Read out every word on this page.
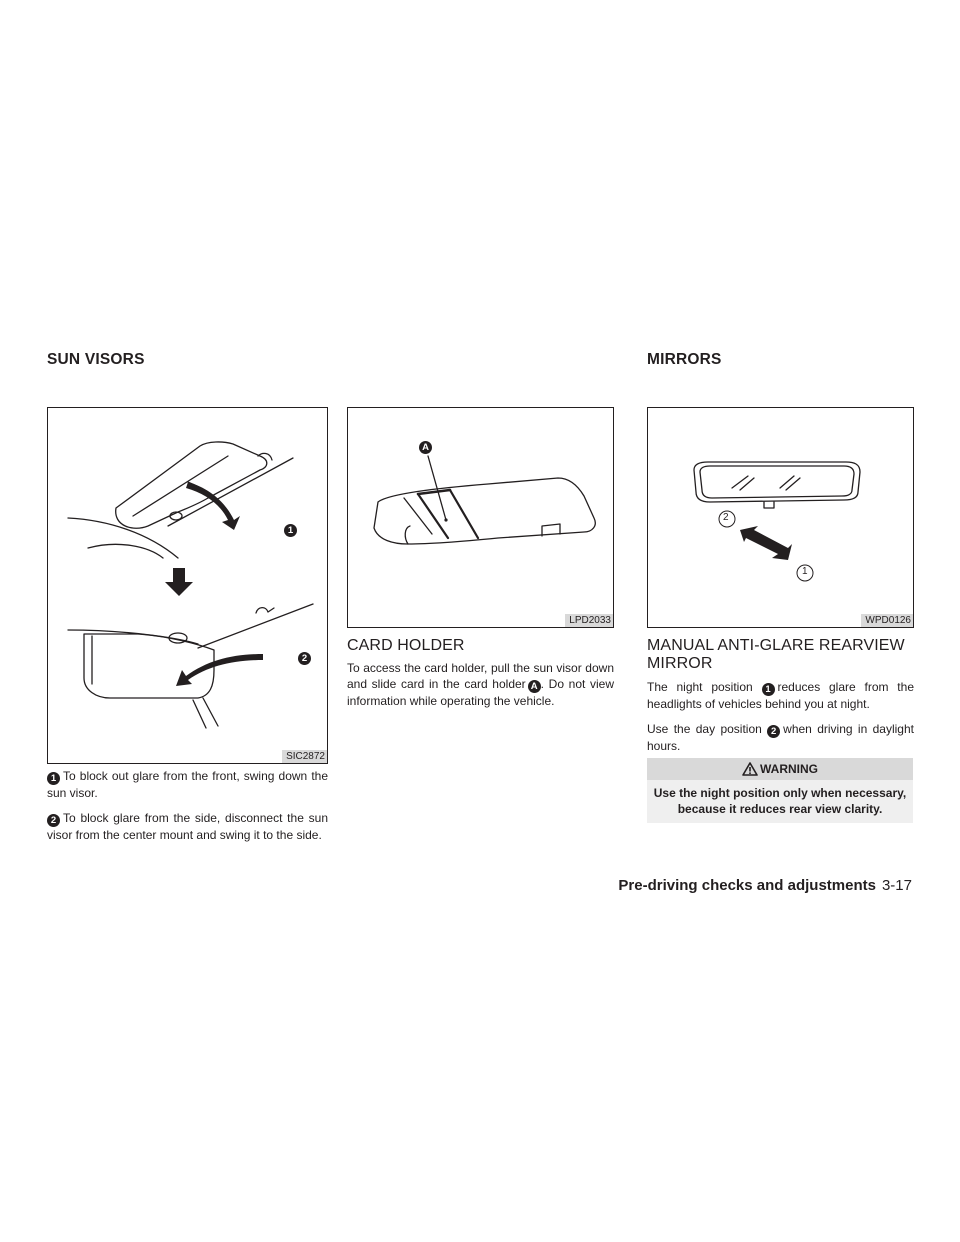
SUN VISORS	MIRRORS
1
2
SIC2872
A
LPD2033
2
1
WPD0126

1 To block out glare from the front, swing down the sun visor.

2 To block glare from the side, disconnect the sun visor from the center mount and swing it to the side.

CARD HOLDER

To access the card holder, pull the sun visor down and slide card in the card holder A . Do not view information while operating the vehicle.

MANUAL ANTI-GLARE REARVIEW
MIRROR

The night position 1 reduces glare from the headlights of vehicles behind you at night.

Use the day position 2 when driving in daylight hours.

WARNING
Use the night position only when necessary, because it reduces rear view clarity.
Pre-driving checks and adjustments 3-17
